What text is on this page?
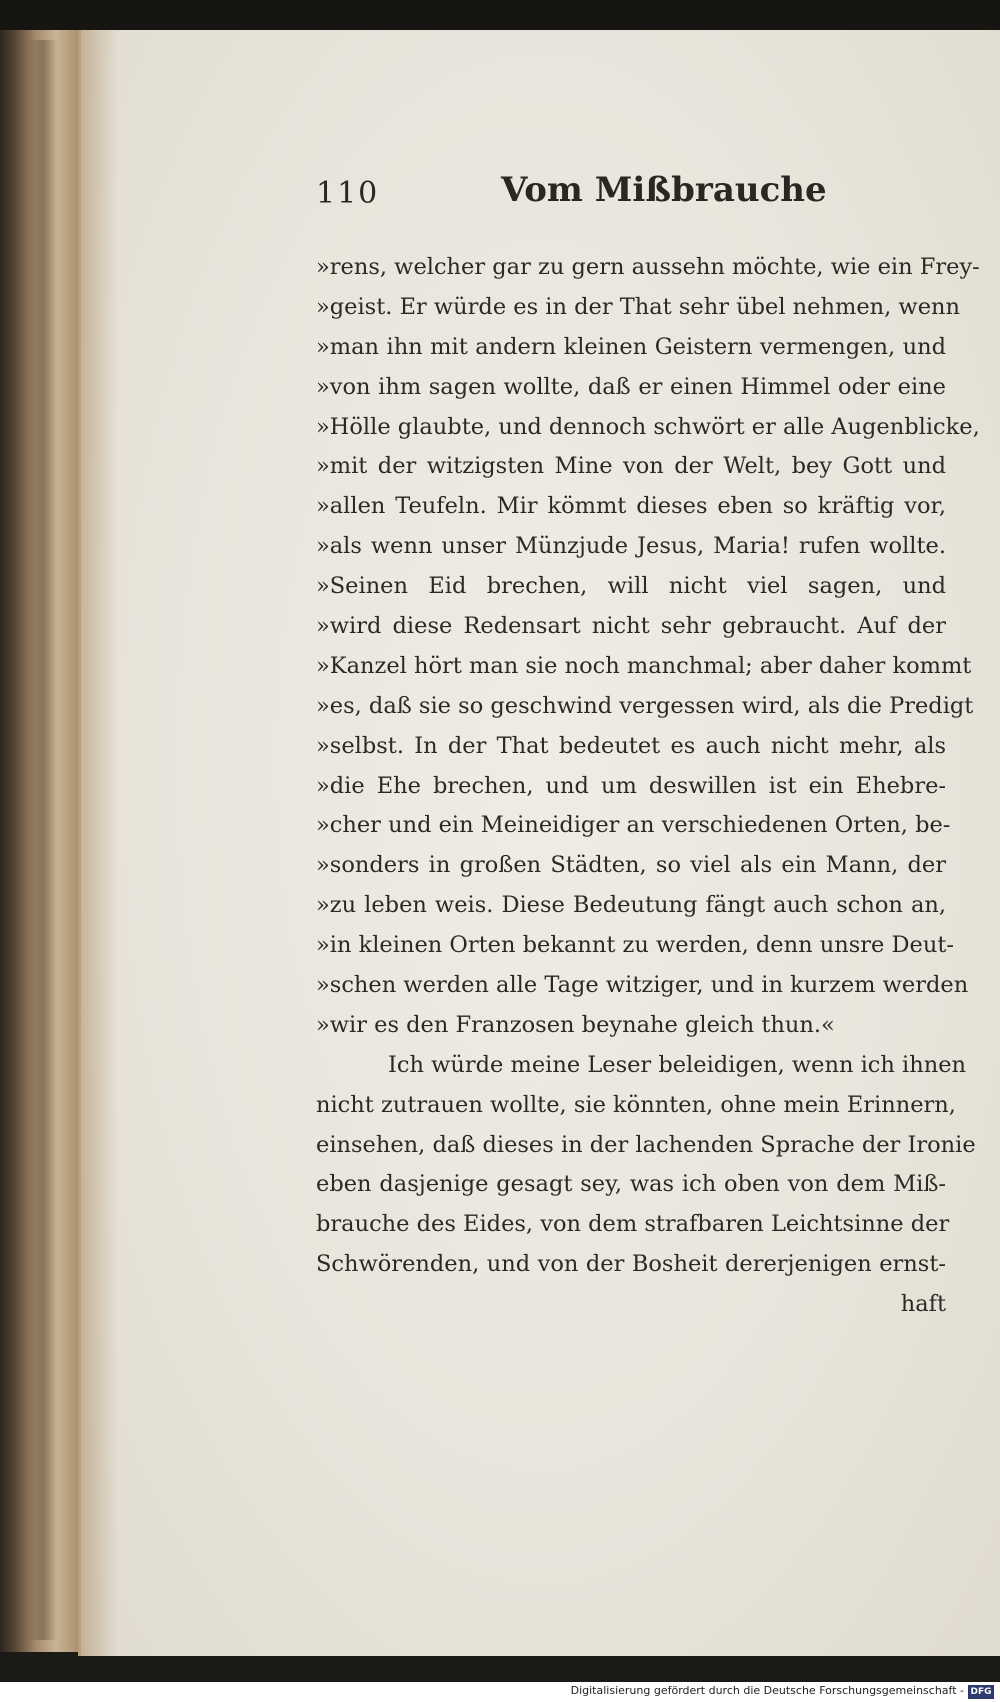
110	Vom Mißbrauche
»rens, welcher gar zu gern aussehn möchte, wie ein Frey-
»geist. Er würde es in der That sehr übel nehmen, wenn
»man ihn mit andern kleinen Geistern vermengen, und
»von ihm sagen wollte, daß er einen Himmel oder eine
»Hölle glaubte, und dennoch schwört er alle Augenblicke,
»mit der witzigsten Mine von der Welt, bey Gott und
»allen Teufeln. Mir kömmt dieses eben so kräftig vor,
»als wenn unser Münzjude Jesus, Maria! rufen wollte.
»Seinen Eid brechen, will nicht viel sagen, und
»wird diese Redensart nicht sehr gebraucht. Auf der
»Kanzel hört man sie noch manchmal; aber daher kommt
»es, daß sie so geschwind vergessen wird, als die Predigt
»selbst. In der That bedeutet es auch nicht mehr, als
»die Ehe brechen, und um deswillen ist ein Ehebre-
»cher und ein Meineidiger an verschiedenen Orten, be-
»sonders in großen Städten, so viel als ein Mann, der
»zu leben weis. Diese Bedeutung fängt auch schon an,
»in kleinen Orten bekannt zu werden, denn unsre Deut-
»schen werden alle Tage witziger, und in kurzem werden
»wir es den Franzosen beynahe gleich thun.«
Ich würde meine Leser beleidigen, wenn ich ihnen
nicht zutrauen wollte, sie könnten, ohne mein Erinnern,
einsehen, daß dieses in der lachenden Sprache der Ironie
eben dasjenige gesagt sey, was ich oben von dem Miß-
brauche des Eides, von dem strafbaren Leichtsinne der
Schwörenden, und von der Bosheit dererjenigen ernst-
haft
Digitalisierung gefördert durch die Deutsche Forschungsgemeinschaft - DFG
